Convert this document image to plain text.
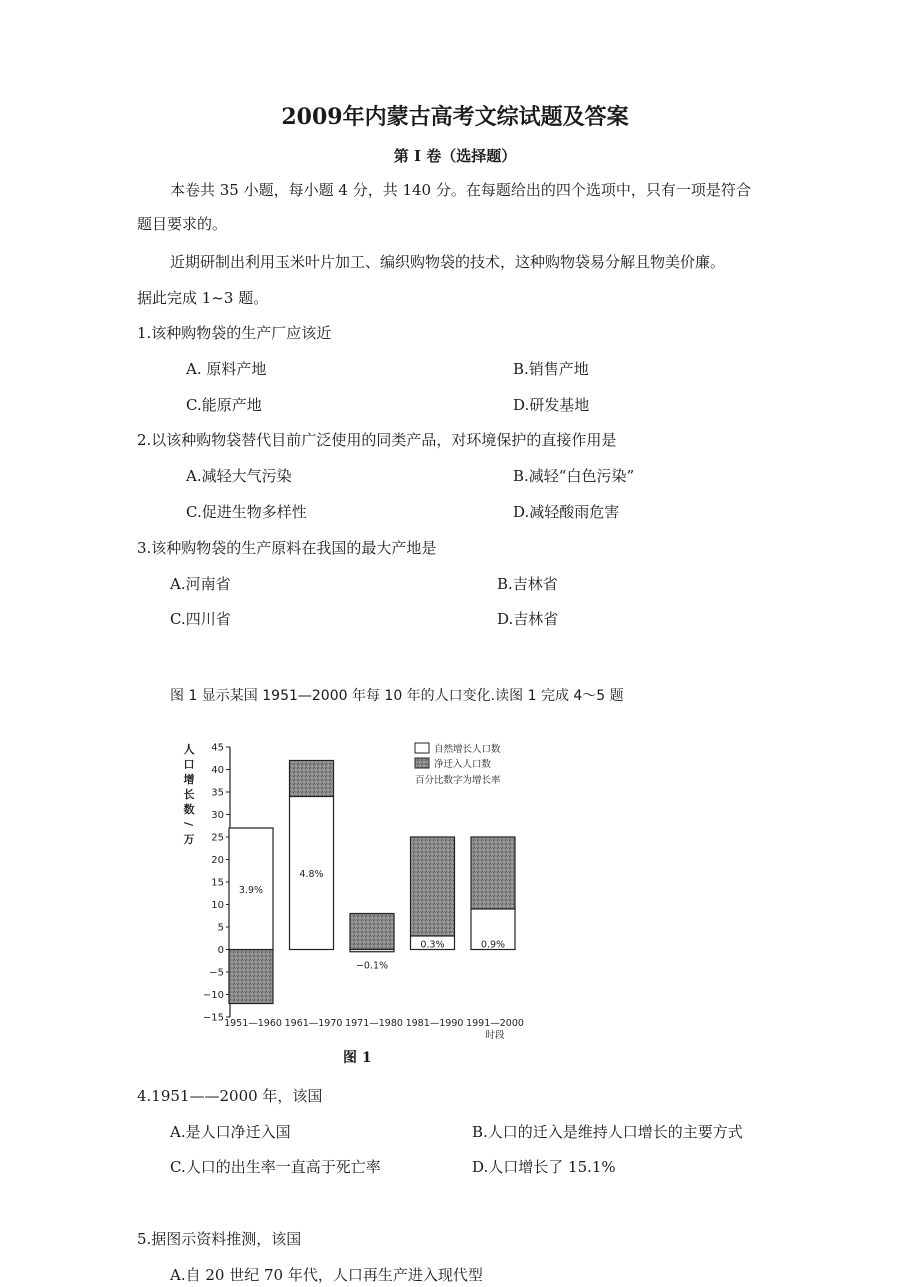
2009年内蒙古高考文综试题及答案
第 I 卷（选择题）
本卷共 35 小题，每小题 4 分，共 140 分。在每题给出的四个选项中，只有一项是符合
题目要求的。
近期研制出利用玉米叶片加工、编织购物袋的技术，这种购物袋易分解且物美价廉。
据此完成 1~3 题。
1.该种购物袋的生产厂应该近
A. 原料产地	B.销售产地
C.能原产地	D.研发基地
2.以该种购物袋替代目前广泛使用的同类产品，对环境保护的直接作用是
A.减轻大气污染	B.减轻“白色污染”
C.促进生物多样性	D.减轻酸雨危害
3.该种购物袋的生产原料在我国的最大产地是
A.河南省	B.吉林省
C.四川省	D.吉林省
图 1 显示某国 1951—2000 年每 10 年的人口变化.读图 1 完成 4～5 题
人
口
增
长
数
/
万
45
40
35
30
25
20
15
10
5
0
−5
−10
−15
3.9%
4.8%
−0.1%
0.3%	0.9%
1951—1960 1961—1970 1971—1980 1981—1990 1991—2000
时段
自然增长人口数
净迁入人口数
百分比数字为增长率
图 1
4.1951——2000 年，该国
A.是人口净迁入国	B.人口的迁入是维持人口增长的主要方式
C.人口的出生率一直高于死亡率	D.人口增长了 15.1%
5.据图示资料推测，该国
A.自 20 世纪 70 年代，人口再生产进入现代型
